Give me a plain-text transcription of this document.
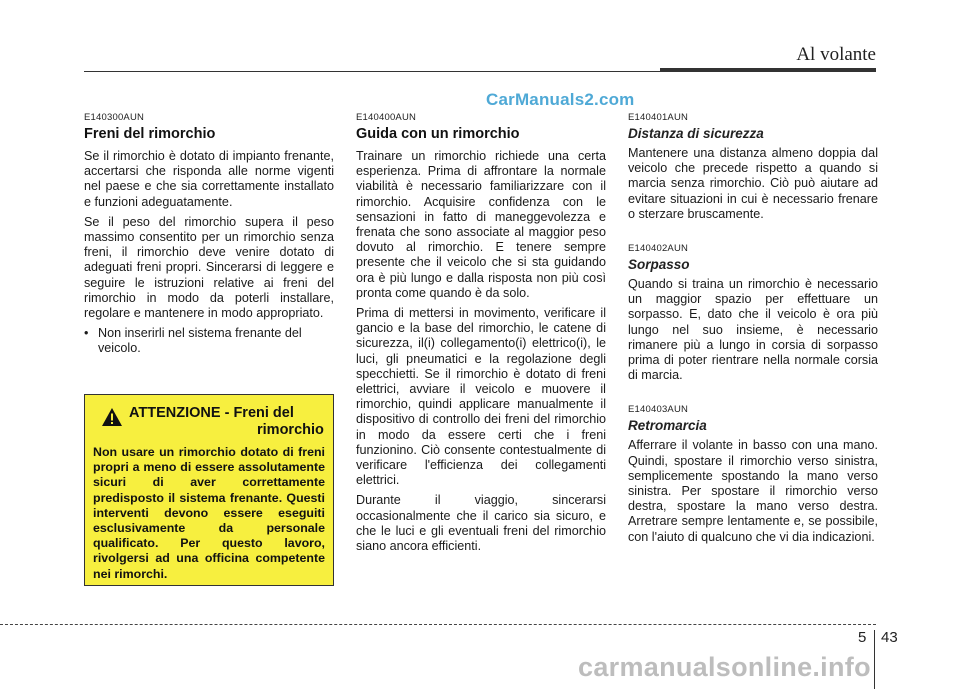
Al volante
CarManuals2.com
E140300AUN
Freni del rimorchio

Se il rimorchio è dotato di impianto frenante, accertarsi che risponda alle norme vigenti nel paese e che sia correttamente installato e funzioni adeguatamente.

Se il peso del rimorchio supera il peso massimo consentito per un rimorchio senza freni, il rimorchio deve venire dotato di adeguati freni propri. Sincerarsi di leggere e seguire le istruzioni relative ai freni del rimorchio in modo da poterli installare, regolare e mantenere in modo appropriato.

• Non inserirli nel sistema frenante del veicolo.
ATTENZIONE - Freni del
rimorchio

Non usare un rimorchio dotato di freni propri a meno di essere assolutamente sicuri di aver correttamente predisposto il sistema frenante. Questi interventi devono essere eseguiti esclusivamente da personale qualificato. Per questo lavoro, rivolgersi ad una officina competente nei rimorchi.

E140400AUN
Guida con un rimorchio

Trainare un rimorchio richiede una certa esperienza. Prima di affrontare la normale viabilità è necessario familiarizzare con il rimorchio. Acquisire confidenza con le sensazioni in fatto di maneggevolezza e frenata che sono associate al maggior peso dovuto al rimorchio. E tenere sempre presente che il veicolo che si sta guidando ora è più lungo e dalla risposta non più così pronta come quando è da solo.

Prima di mettersi in movimento, verificare il gancio e la base del rimorchio, le catene di sicurezza, il(i) collegamento(i) elettrico(i), le luci, gli pneumatici e la regolazione degli specchietti. Se il rimorchio è dotato di freni elettrici, avviare il veicolo e muovere il rimorchio, quindi applicare manualmente il dispositivo di controllo dei freni del rimorchio in modo da essere certi che i freni funzionino. Ciò consente contestualmente di verificare l'efficienza dei collegamenti elettrici.

Durante il viaggio, sincerarsi occasionalmente che il carico sia sicuro, e che le luci e gli eventuali freni del rimorchio siano ancora efficienti.

E140401AUN
Distanza di sicurezza

Mantenere una distanza almeno doppia dal veicolo che precede rispetto a quando si marcia senza rimorchio. Ciò può aiutare ad evitare situazioni in cui è necessario frenare o sterzare bruscamente.

E140402AUN
Sorpasso

Quando si traina un rimorchio è necessario un maggior spazio per effettuare un sorpasso. E, dato che il veicolo è ora più lungo nel suo insieme, è necessario rimanere più a lungo in corsia di sorpasso prima di poter rientrare nella normale corsia di marcia.

E140403AUN
Retromarcia

Afferrare il volante in basso con una mano. Quindi, spostare il rimorchio verso sinistra, semplicemente spostando la mano verso sinistra. Per spostare il rimorchio verso destra, spostare la mano verso destra. Arretrare sempre lentamente e, se possibile, con l'aiuto di qualcuno che vi dia indicazioni.

5 43
carmanualsonline.info
